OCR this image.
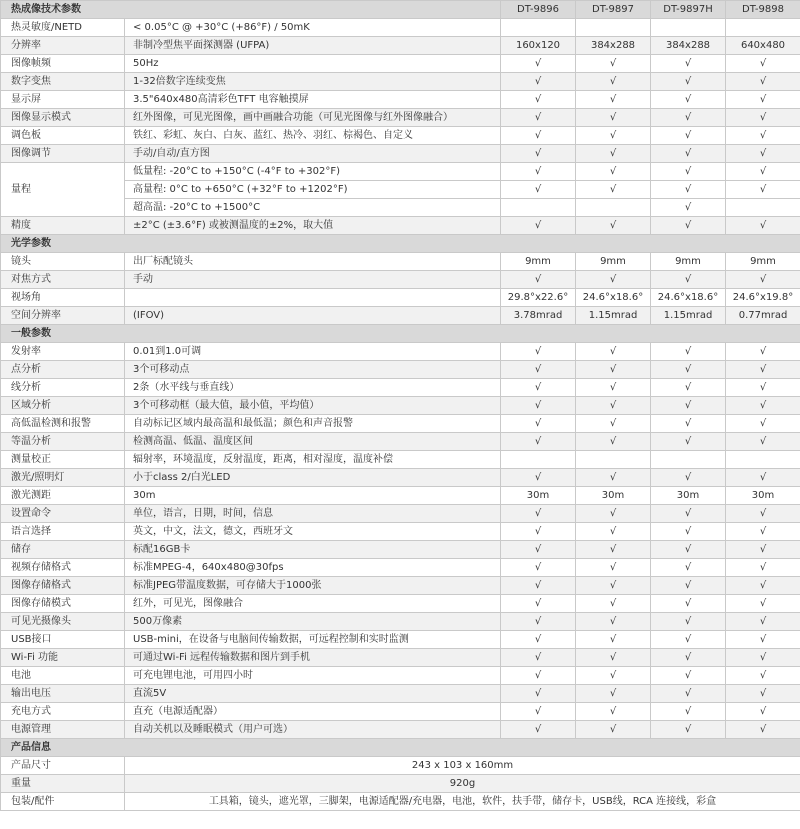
热成像技术参数		DT-9896	DT-9897	DT-9897H	DT-9898
热灵敏度/NETD	< 0.05°C @ +30°C (+86°F) / 50mK				
分辨率	非制冷型焦平面探测器 (UFPA)	160x120	384x288	384x288	640x480
图像帧频	50Hz	√	√	√	√
数字变焦	1-32倍数字连续变焦	√	√	√	√
显示屏	3.5"640x480高清彩色TFT 电容触摸屏	√	√	√	√
图像显示模式	红外图像，可见光图像，画中画融合功能（可见光图像与红外图像融合）	√	√	√	√
调色板	铁红、彩虹、灰白、白灰、蓝红、热冷、羽红、棕褐色、自定义	√	√	√	√
图像调节	手动/自动/直方图	√	√	√	√
量程	低量程: -20°C to +150°C (-4°F to +302°F)	√	√	√	√
	高量程: 0°C to +650°C (+32°F to +1202°F)	√	√	√	√
	超高温: -20°C to +1500°C			√	
精度	±2°C (±3.6°F) 或被测温度的±2%，取大值	√	√	√	√
光学参数					
镜头	出厂标配镜头	9mm	9mm	9mm	9mm
对焦方式	手动	√	√	√	√
视场角		29.8°x22.6°	24.6°x18.6°	24.6°x18.6°	24.6°x19.8°
空间分辨率	(IFOV)	3.78mrad	1.15mrad	1.15mrad	0.77mrad
一般参数					
发射率	0.01到1.0可调	√	√	√	√
点分析	3个可移动点	√	√	√	√
线分析	2条（水平线与垂直线）	√	√	√	√
区域分析	3个可移动框（最大值，最小值，平均值）	√	√	√	√
高低温检测和报警	自动标记区域内最高温和最低温；颜色和声音报警	√	√	√	√
等温分析	检测高温、低温、温度区间	√	√	√	√
测量校正	辐射率，环境温度，反射温度，距离，相对湿度，温度补偿				
激光/照明灯	小于class 2/白光LED	√	√	√	√
激光测距	30m	30m	30m	30m	30m
设置命令	单位，语言，日期，时间，信息	√	√	√	√
语言选择	英文，中文，法文，德文，西班牙文	√	√	√	√
储存	标配16GB卡	√	√	√	√
视频存储格式	标准MPEG-4，640x480@30fps	√	√	√	√
图像存储格式	标准JPEG带温度数据，可存储大于1000张	√	√	√	√
图像存储模式	红外，可见光，图像融合	√	√	√	√
可见光摄像头	500万像素	√	√	√	√
USB接口	USB-mini，在设备与电脑间传输数据，可远程控制和实时监测	√	√	√	√
Wi-Fi 功能	可通过Wi-Fi 远程传输数据和图片到手机	√	√	√	√
电池	可充电锂电池，可用四小时	√	√	√	√
输出电压	直流5V	√	√	√	√
充电方式	直充（电源适配器）	√	√	√	√
电源管理	自动关机以及睡眠模式（用户可选）	√	√	√	√
产品信息					
产品尺寸	243 x 103 x 160mm				
重量	920g				
包装/配件	工具箱，镜头，遮光罩，三脚架，电源适配器/充电器，电池，软件，扶手带，储存卡，USB线，RCA 连接线，彩盒				
